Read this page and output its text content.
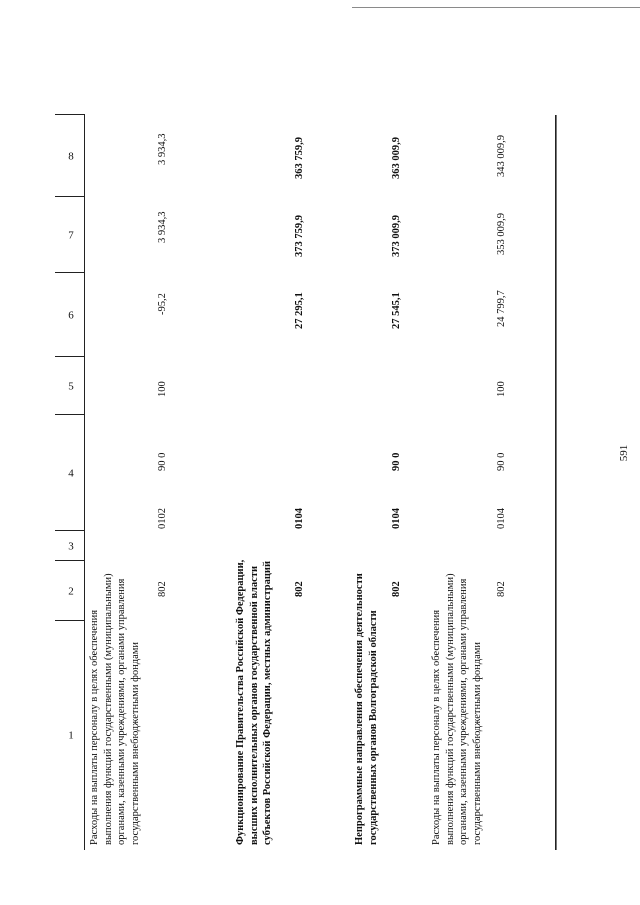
591
1
2
3
4
5
6
7
8
Расходы на выплаты персоналу в целях обеспечения выполнения функций государственными (муниципальными) органами, казенными учреждениями, органами управления государственными внебюджетными фондами
802
0102
90 0
100
-95,2
3 934,3
3 934,3
Функционирование Правительства Российской Федерации, высших исполнительных органов государственной власти субъектов Российской Федерации, местных администраций 802
0104
27 295,1
373 759,9
363 759,9
Непрограммные направления обеспечения деятельности государственных органов Волгоградской области
802
0104
90 0
27 545,1
373 009,9
363 009,9
Расходы на выплаты персоналу в целях обеспечения выполнения функций государственными (муниципальными) органами, казенными учреждениями, органами управления государственными внебюджетными фондами
802
0104
90 0
100
24 799,7
353 009,9
343 009,9
